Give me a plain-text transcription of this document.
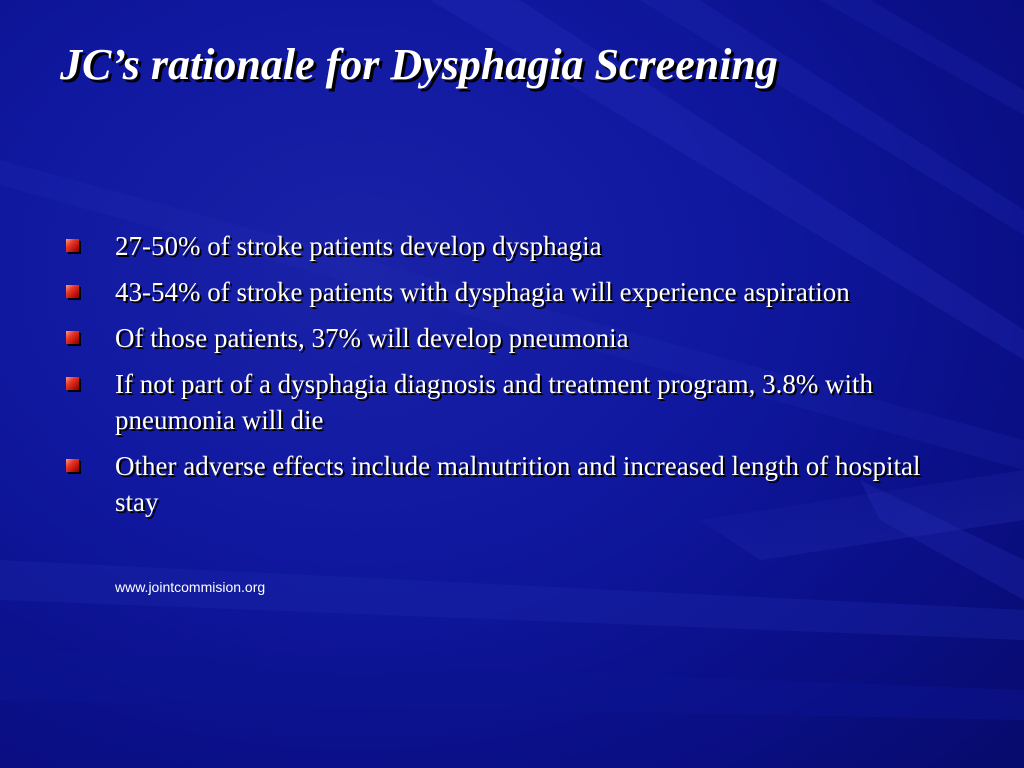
JC’s rationale for Dysphagia Screening
27-50% of stroke patients develop dysphagia
43-54% of stroke patients with dysphagia will experience aspiration
Of those patients, 37% will develop pneumonia
If not part of a dysphagia diagnosis and treatment program, 3.8% with pneumonia will die
Other adverse effects include malnutrition and increased length of hospital stay
www.jointcommision.org
